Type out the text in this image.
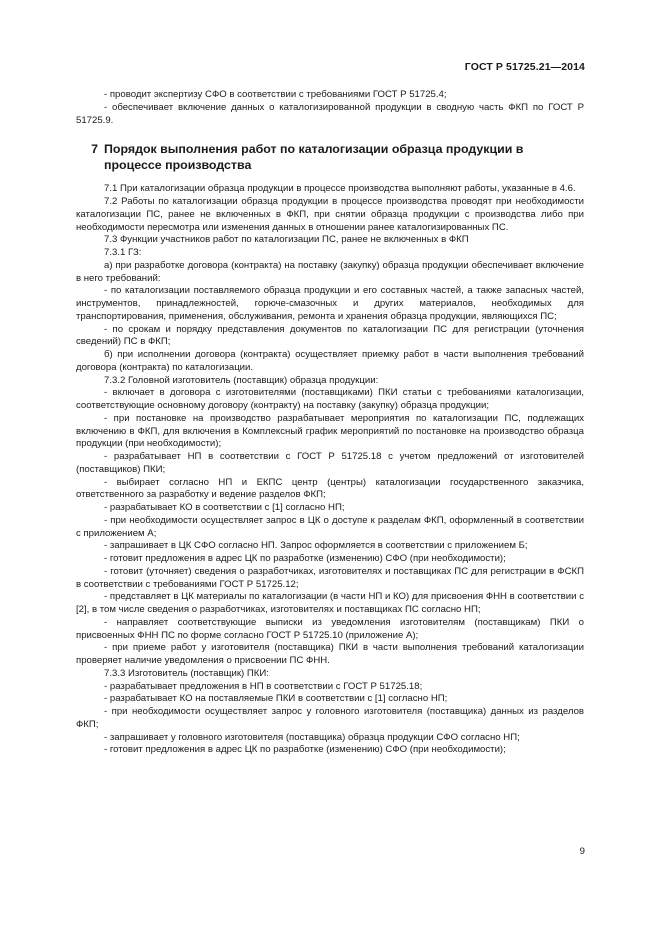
ГОСТ Р 51725.21—2014

- проводит экспертизу СФО в соответствии с требованиями ГОСТ Р 51725.4;

- обеспечивает включение данных о каталогизированной продукции в сводную часть ФКП по ГОСТ Р 51725.9.

7 Порядок выполнения работ по каталогизации образца продукции в процессе производства

7.1 При каталогизации образца продукции в процессе производства выполняют работы, указанные в 4.6.

7.2 Работы по каталогизации образца продукции в процессе производства проводят при необходимости каталогизации ПС, ранее не включенных в ФКП, при снятии образца продукции с производства либо при необходимости пересмотра или изменения данных в отношении ранее каталогизированных ПС.

7.3 Функции участников работ по каталогизации ПС, ранее не включенных в ФКП

7.3.1 ГЗ:

а) при разработке договора (контракта) на поставку (закупку) образца продукции обеспечивает включение в него требований:

- по каталогизации поставляемого образца продукции и его составных частей, а также запасных частей, инструментов, принадлежностей, горюче-смазочных и других материалов, необходимых для транспортирования, применения, обслуживания, ремонта и хранения образца продукции, являющихся ПС;

- по срокам и порядку представления документов по каталогизации ПС для регистрации (уточнения сведений) ПС в ФКП;

б) при исполнении договора (контракта) осуществляет приемку работ в части выполнения требований договора (контракта) по каталогизации.

7.3.2 Головной изготовитель (поставщик) образца продукции:

- включает в договора с изготовителями (поставщиками) ПКИ статьи с требованиями каталогизации, соответствующие основному договору (контракту) на поставку (закупку) образца продукции;

- при постановке на производство разрабатывает мероприятия по каталогизации ПС, подлежащих включению в ФКП, для включения в Комплексный график мероприятий по постановке на производство образца продукции (при необходимости);

- разрабатывает НП в соответствии с ГОСТ Р 51725.18 с учетом предложений от изготовителей (поставщиков) ПКИ;

- выбирает согласно НП и ЕКПС центр (центры) каталогизации государственного заказчика, ответственного за разработку и ведение разделов ФКП;

- разрабатывает КО в соответствии с [1] согласно НП;

- при необходимости осуществляет запрос в ЦК о доступе к разделам ФКП, оформленный в соответствии с приложением А;

- запрашивает в ЦК СФО согласно НП. Запрос оформляется в соответствии с приложением Б;

- готовит предложения в адрес ЦК по разработке (изменению) СФО (при необходимости);

- готовит (уточняет) сведения о разработчиках, изготовителях и поставщиках ПС для регистрации в ФСКП в соответствии с требованиями ГОСТ Р 51725.12;

- представляет в ЦК материалы по каталогизации (в части НП и КО) для присвоения ФНН в соответствии с [2], в том числе сведения о разработчиках, изготовителях и поставщиках ПС согласно НП;

- направляет соответствующие выписки из уведомления изготовителям (поставщикам) ПКИ о присвоенных ФНН ПС по форме согласно ГОСТ Р 51725.10 (приложение А);

- при приеме работ у изготовителя (поставщика) ПКИ в части выполнения требований каталогизации проверяет наличие уведомления о присвоении ПС ФНН.

7.3.3 Изготовитель (поставщик) ПКИ:

- разрабатывает предложения в НП в соответствии с ГОСТ Р 51725.18;

- разрабатывает КО на поставляемые ПКИ в соответствии с [1] согласно НП;

- при необходимости осуществляет запрос у головного изготовителя (поставщика) данных из разделов ФКП;

- запрашивает у головного изготовителя (поставщика) образца продукции СФО согласно НП;

- готовит предложения в адрес ЦК по разработке (изменению) СФО (при необходимости);

9
